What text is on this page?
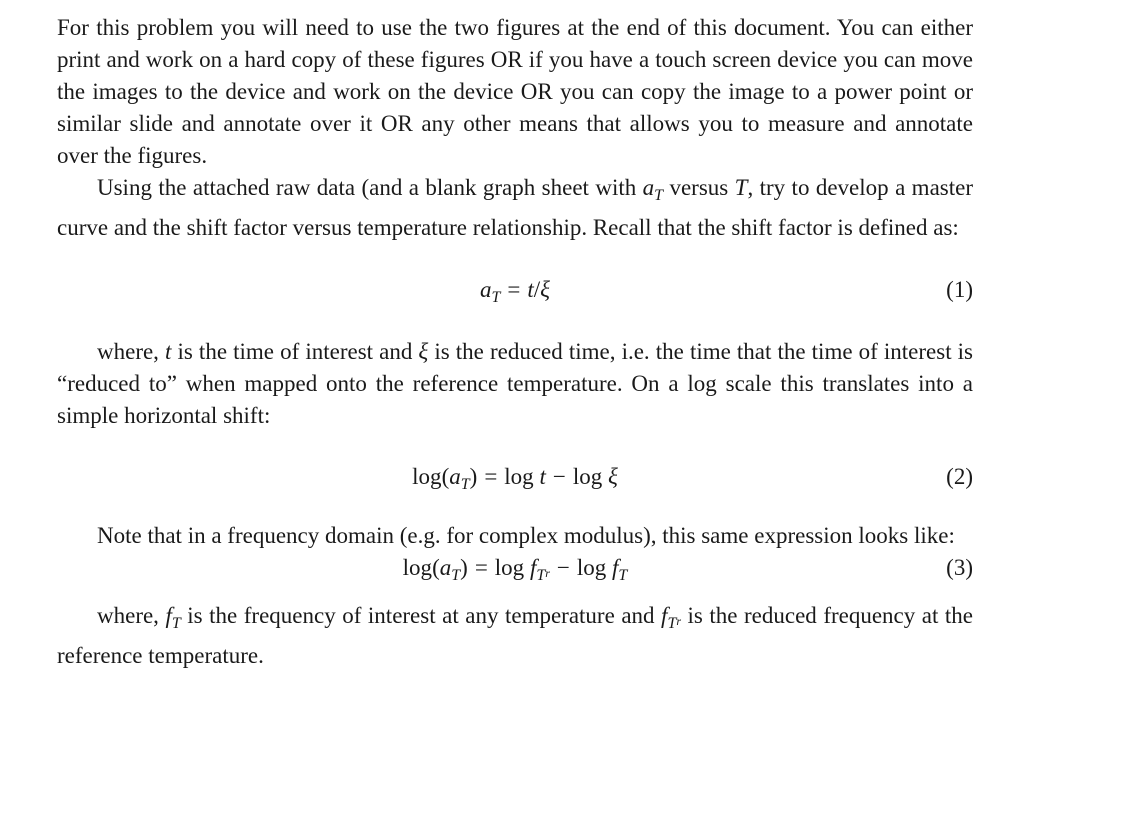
For this problem you will need to use the two figures at the end of this document. You can either print and work on a hard copy of these figures OR if you have a touch screen device you can move the images to the device and work on the device OR you can copy the image to a power point or similar slide and annotate over it OR any other means that allows you to measure and annotate over the figures.

Using the attached raw data (and a blank graph sheet with $a_T$ versus T, try to develop a master curve and the shift factor versus temperature relationship. Recall that the shift factor is defined as:

$a_T = t/\xi$	(1)

where, t is the time of interest and ξ is the reduced time, i.e. the time that the time of interest is “reduced to” when mapped onto the reference temperature. On a log scale this translates into a simple horizontal shift:

$\log(a_T) = \log t - \log \xi$	(2)

Note that in a frequency domain (e.g. for complex modulus), this same expression looks like:

$\log(a_T) = \log f_Tr - \log f_T$	(3)

where, $f_T$ is the frequency of interest at any temperature and $f_Tr$ is the reduced frequency at the reference temperature.
